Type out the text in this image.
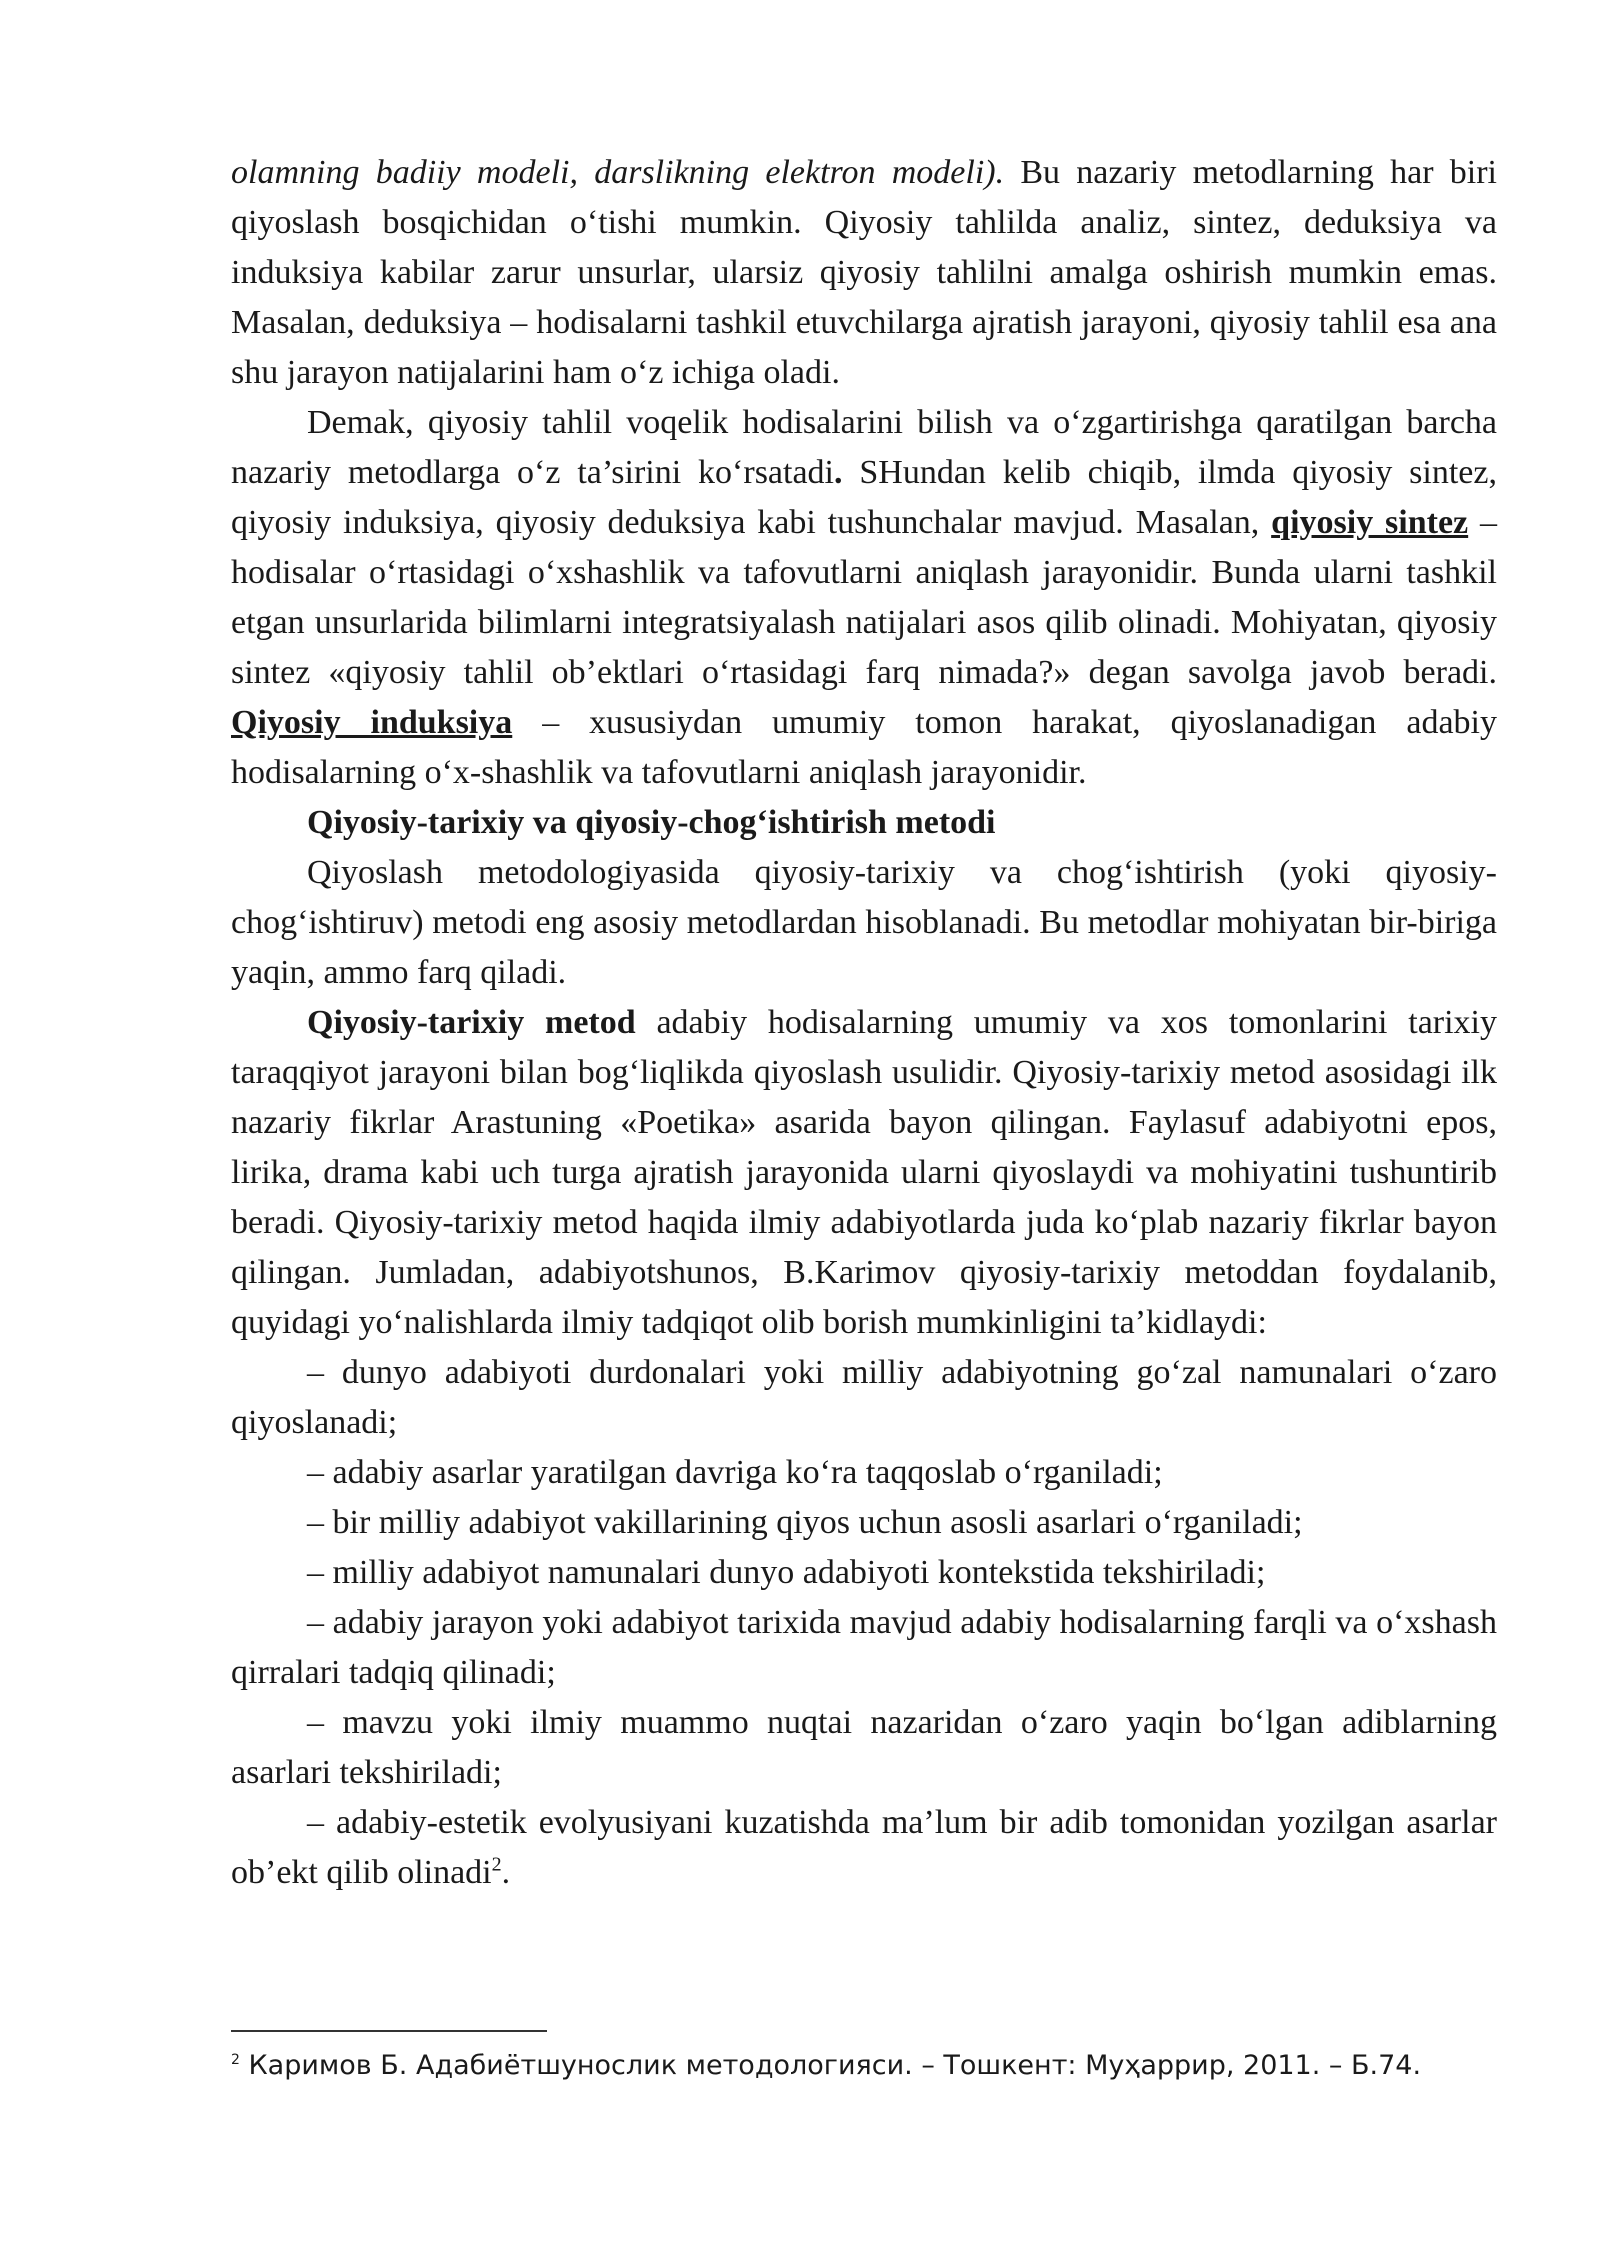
olamning badiiy modeli, darslikning elektron modeli). Bu nazariy metodlarning har biri qiyoslash bosqichidan o‘tishi mumkin. Qiyosiy tahlilda analiz, sintez, deduksiya va induksiya kabilar zarur unsurlar, ularsiz qiyosiy tahlilni amalga oshirish mumkin emas. Masalan, deduksiya – hodisalarni tashkil etuvchilarga ajratish jarayoni, qiyosiy tahlil esa ana shu jarayon natijalarini ham o‘z ichiga oladi.

Demak, qiyosiy tahlil voqelik hodisalarini bilish va o‘zgartirishga qaratilgan barcha nazariy metodlarga o‘z ta’sirini ko‘rsatadi. SHundan kelib chiqib, ilmda qiyosiy sintez, qiyosiy induksiya, qiyosiy deduksiya kabi tushunchalar mavjud. Masalan, qiyosiy sintez – hodisalar o‘rtasidagi o‘xshashlik va tafovutlarni aniqlash jarayonidir. Bunda ularni tashkil etgan unsurlarida bilimlarni integratsiyalash natijalari asos qilib olinadi. Mohiyatan, qiyosiy sintez «qiyosiy tahlil ob’ektlari o‘rtasidagi farq nimada?» degan savolga javob beradi. Qiyosiy induksiya – xususiydan umumiy tomon harakat, qiyoslanadigan adabiy hodisalarning o‘x-shashlik va tafovutlarni aniqlash jarayonidir.

Qiyosiy-tarixiy va qiyosiy-chog‘ishtirish metodi

Qiyoslash metodologiyasida qiyosiy-tarixiy va chog‘ishtirish (yoki qiyosiy-chog‘ishtiruv) metodi eng asosiy metodlardan hisoblanadi. Bu metodlar mohiyatan bir-biriga yaqin, ammo farq qiladi.

Qiyosiy-tarixiy metod adabiy hodisalarning umumiy va xos tomonlarini tarixiy taraqqiyot jarayoni bilan bog‘liqlikda qiyoslash usulidir. Qiyosiy-tarixiy metod asosidagi ilk nazariy fikrlar Arastuning «Poetika» asarida bayon qilingan. Faylasuf adabiyotni epos, lirika, drama kabi uch turga ajratish jarayonida ularni qiyoslaydi va mohiyatini tushuntirib beradi. Qiyosiy-tarixiy metod haqida ilmiy adabiyotlarda juda ko‘plab nazariy fikrlar bayon qilingan. Jumladan, adabiyotshunos, B.Karimov qiyosiy-tarixiy metoddan foydalanib, quyidagi yo‘nalishlarda ilmiy tadqiqot olib borish mumkinligini ta’kidlaydi:

– dunyo adabiyoti durdonalari yoki milliy adabiyotning go‘zal namunalari o‘zaro qiyoslanadi;

– adabiy asarlar yaratilgan davriga ko‘ra taqqoslab o‘rganiladi;

– bir milliy adabiyot vakillarining qiyos uchun asosli asarlari o‘rganiladi;

– milliy adabiyot namunalari dunyo adabiyoti kontekstida tekshiriladi;

– adabiy jarayon yoki adabiyot tarixida mavjud adabiy hodisalarning farqli va o‘xshash qirralari tadqiq qilinadi;

– mavzu yoki ilmiy muammo nuqtai nazaridan o‘zaro yaqin bo‘lgan adiblarning asarlari tekshiriladi;

– adabiy-estetik evolyusiyani kuzatishda ma’lum bir adib tomonidan yozilgan asarlar ob’ekt qilib olinadi$^2$.

$^2$ Каримов Б. Адабиётшунослик методологияси. – Тошкент: Муҳаррир, 2011. – Б.74.
